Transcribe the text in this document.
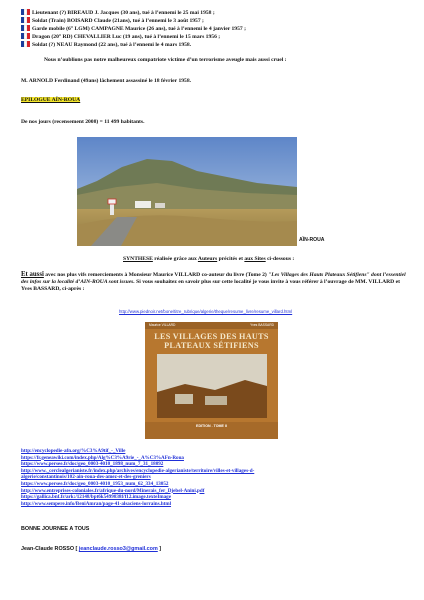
Lieutenant (?) BIREAUD J. Jacques (30 ans), tué à l’ennemi le 25 mai 1958 ;
Soldat (Train) BOISARD Claude (21ans), tué à l’ennemi le 3 août 1957 ;
Garde mobile (6° LGM) CAMPAGNE Maurice (26 ans), tué à l’ennemi le 4 janvier 1957 ;
Dragon (20° RD) CHEVALLIER Luc (19 ans), tué à l’ennemi le 15 mars 1956 ;
Soldat (?) NEAU Raymond (22 ans), tué à l’ennemi le 4 mars 1958.
Nous n’oublions pas notre malheureux compatriote victime d’un terrorisme aveugle mais aussi cruel :
M. ARNOLD Ferdinand (49ans) lâchement assassiné le 18 février 1958.
EPILOGUE AÏN-ROUA
De nos jours (recensement 2008) = 11 499 habitants.
AÏN-ROUA
SYNTHESE réalisée grâce aux Auteurs précités et aux Sites ci-dessous :
Et aussi avec nos plus vifs remerciements à Monsieur Maurice VILLARD co-auteur du livre (Tome 2) "Les Villages des Hauts Plateaux Sétifiens" dont l’essentiel des infos sur la localité d’AIN-ROUA sont issues. Si vous souhaitez en savoir plus sur cette localité je vous invite à vous référer à l’ouvrage de MM. VILLARD et Yves BASSARD, ci-après :
http://www.piednoir.net/bone/titre_rubrique/algerie/theque/resume_livre/resume_villard.html
Maurice VILLARD	Yves BASSARD
LES VILLAGES DES HAUTS PLATEAUX SÉTIFIENS
EDITION . TOME II
http://encyclopedie-afn.org/%C3%A9tif_-_Ville
https://fr.geneawiki.com/index.php/Alg%C3%A9rie_-_A%C3%AFn-Roua
https://www.persee.fr/doc/geo_0003-4010_1898_num_7_31_18092
http://www._cerclealgerianiste.fr/index.php/archives/encyclopedie-algerianiste/territoire/villes-et-villages-d-
algerie/constantinois/102-ain-roua-des-amez-et-des-greniers
https://www.persee.fr/doc/geo_0003-4010_1953_num_62_334_13052
http://www.entreprises-coloniales.fr/afrique-du-nord/Minerais_fer_Djebel-Anini.pdf
https://gallica.bnf.fr/ark:/12148/bpt6k5499838f/f12.image.texteImage
http://www.sempere.info/BeniAmran/page-41-alsaciens-lorrains.html
BONNE JOURNEE A TOUS
Jean-Claude ROSSO [ jeanclaude.rosso3@gmail.com ]
